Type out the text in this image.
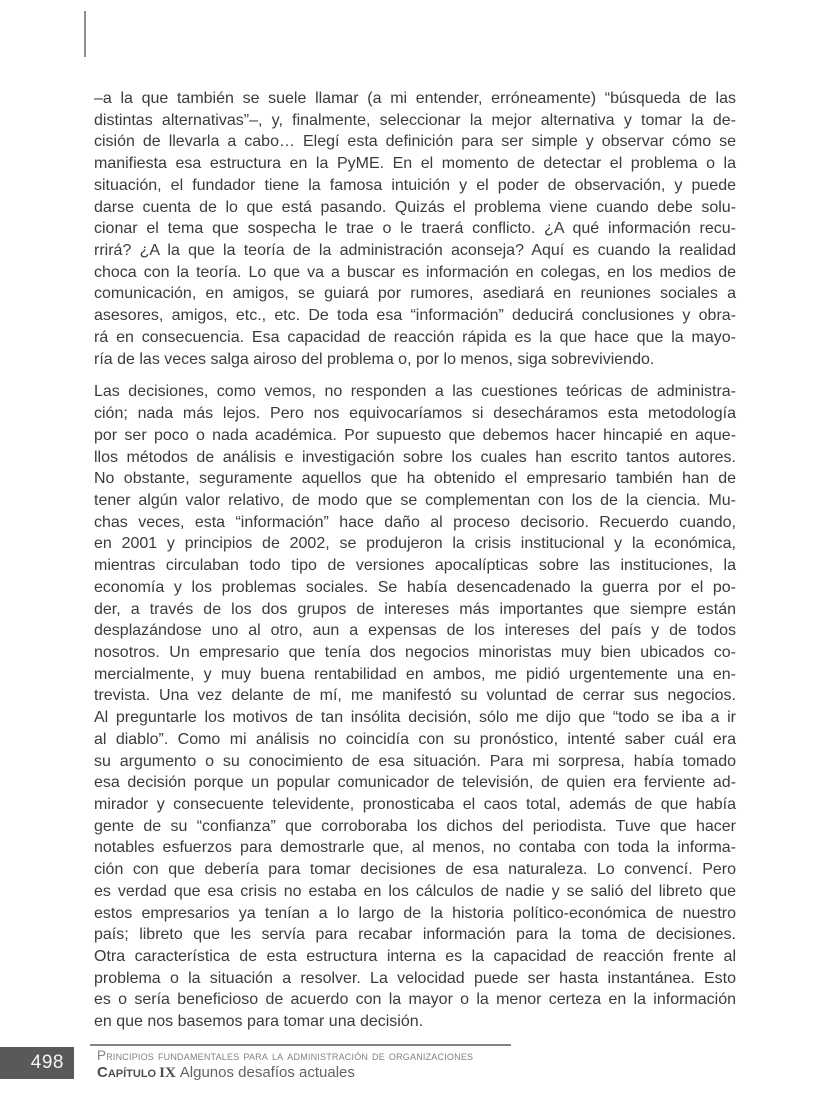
–a la que también se suele llamar (a mi entender, erróneamente) “búsqueda de las
distintas alternativas”–, y, finalmente, seleccionar la mejor alternativa y tomar la de-
cisión de llevarla a cabo… Elegí esta definición para ser simple y observar cómo se
manifiesta esa estructura en la PyME. En el momento de detectar el problema o la
situación, el fundador tiene la famosa intuición y el poder de observación, y puede
darse cuenta de lo que está pasando. Quizás el problema viene cuando debe solu-
cionar el tema que sospecha le trae o le traerá conflicto. ¿A qué información recu-
rrirá? ¿A la que la teoría de la administración aconseja? Aquí es cuando la realidad
choca con la teoría. Lo que va a buscar es información en colegas, en los medios de
comunicación, en amigos, se guiará por rumores, asediará en reuniones sociales a
asesores, amigos, etc., etc. De toda esa “información” deducirá conclusiones y obra-
rá en consecuencia. Esa capacidad de reacción rápida es la que hace que la mayo-
ría de las veces salga airoso del problema o, por lo menos, siga sobreviviendo.
Las decisiones, como vemos, no responden a las cuestiones teóricas de administra-
ción; nada más lejos. Pero nos equivocaríamos si desecháramos esta metodología
por ser poco o nada académica. Por supuesto que debemos hacer hincapié en aque-
llos métodos de análisis e investigación sobre los cuales han escrito tantos autores.
No obstante, seguramente aquellos que ha obtenido el empresario también han de
tener algún valor relativo, de modo que se complementan con los de la ciencia. Mu-
chas veces, esta “información” hace daño al proceso decisorio. Recuerdo cuando,
en 2001 y principios de 2002, se produjeron la crisis institucional y la económica,
mientras circulaban todo tipo de versiones apocalípticas sobre las instituciones, la
economía y los problemas sociales. Se había desencadenado la guerra por el po-
der, a través de los dos grupos de intereses más importantes que siempre están
desplazándose uno al otro, aun a expensas de los intereses del país y de todos
nosotros. Un empresario que tenía dos negocios minoristas muy bien ubicados co-
mercialmente, y muy buena rentabilidad en ambos, me pidió urgentemente una en-
trevista. Una vez delante de mí, me manifestó su voluntad de cerrar sus negocios.
Al preguntarle los motivos de tan insólita decisión, sólo me dijo que “todo se iba a ir
al diablo”. Como mi análisis no coincidía con su pronóstico, intenté saber cuál era
su argumento o su conocimiento de esa situación. Para mi sorpresa, había tomado
esa decisión porque un popular comunicador de televisión, de quien era ferviente ad-
mirador y consecuente televidente, pronosticaba el caos total, además de que había
gente de su “confianza” que corroboraba los dichos del periodista. Tuve que hacer
notables esfuerzos para demostrarle que, al menos, no contaba con toda la informa-
ción con que debería para tomar decisiones de esa naturaleza. Lo convencí. Pero
es verdad que esa crisis no estaba en los cálculos de nadie y se salió del libreto que
estos empresarios ya tenían a lo largo de la historia político-económica de nuestro
país; libreto que les servía para recabar información para la toma de decisiones.
Otra característica de esta estructura interna es la capacidad de reacción frente al
problema o la situación a resolver. La velocidad puede ser hasta instantánea. Esto
es o sería beneficioso de acuerdo con la mayor o la menor certeza en la información
en que nos basemos para tomar una decisión.
498	Principios fundamentales para la administración de organizaciones
Capítulo IX Algunos desafíos actuales
